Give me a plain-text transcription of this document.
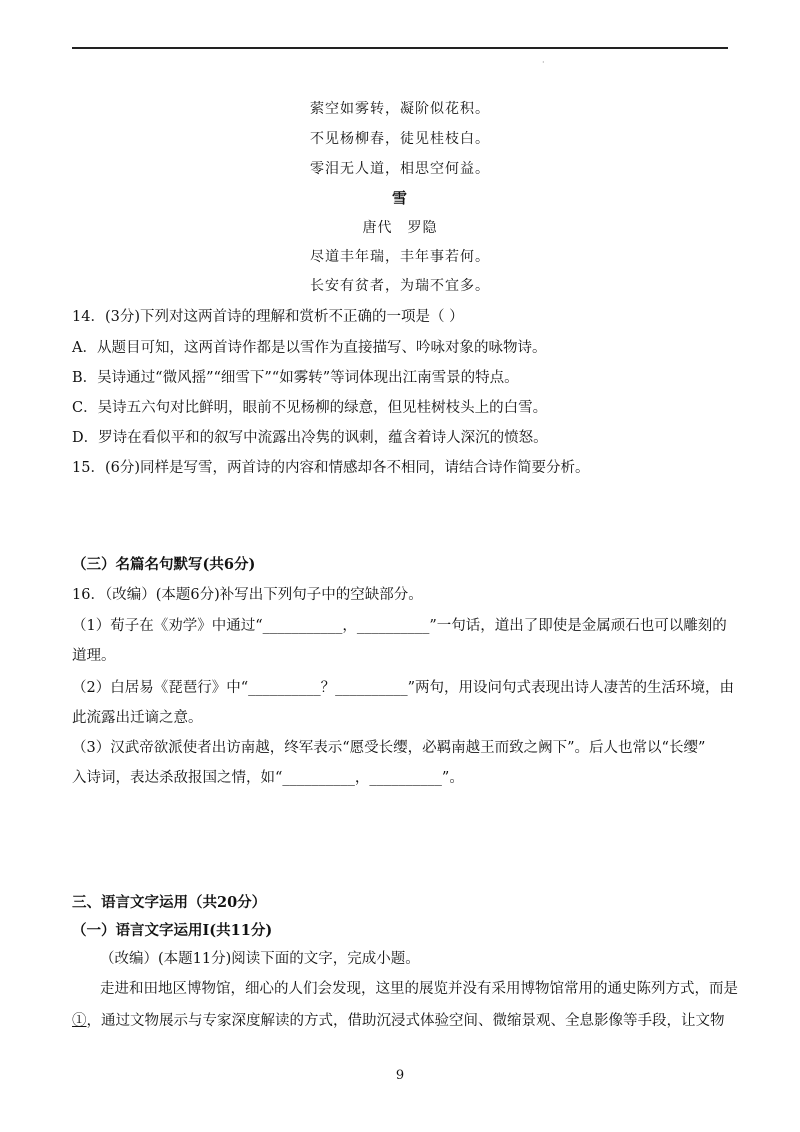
·
萦空如雾转，凝阶似花积。
不见杨柳春，徒见桂枝白。
零泪无人道，相思空何益。
雪
唐代　罗隐
尽道丰年瑞，丰年事若何。
长安有贫者，为瑞不宜多。
14．(3分)下列对这两首诗的理解和赏析不正确的一项是（ ）
A．从题目可知，这两首诗作都是以雪作为直接描写、吟咏对象的咏物诗。
B．吴诗通过“微风摇”“细雪下”“如雾转”等词体现出江南雪景的特点。
C．吴诗五六句对比鲜明，眼前不见杨柳的绿意，但见桂树枝头上的白雪。
D．罗诗在看似平和的叙写中流露出冷隽的讽刺，蕴含着诗人深沉的愤怒。
15．(6分)同样是写雪，两首诗的内容和情感却各不相同，请结合诗作简要分析。
（三）名篇名句默写(共6分)
16．（改编）(本题6分)补写出下列句子中的空缺部分。
（1）荀子在《劝学》中通过“___________，__________”一句话，道出了即使是金属顽石也可以雕刻的
道理。
（2）白居易《琵琶行》中“__________？__________”两句，用设问句式表现出诗人凄苦的生活环境，由
此流露出迁谪之意。
（3）汉武帝欲派使者出访南越，终军表示“愿受长缨，必羁南越王而致之阙下”。后人也常以“长缨”
入诗词，表达杀敌报国之情，如“__________，__________”。
三、语言文字运用（共20分）
（一）语言文字运用Ⅰ(共11分)
（改编）(本题11分)阅读下面的文字，完成小题。
走进和田地区博物馆，细心的人们会发现，这里的展览并没有采用博物馆常用的通史陈列方式，而是
①，通过文物展示与专家深度解读的方式，借助沉浸式体验空间、微缩景观、全息影像等手段，让文物
9
